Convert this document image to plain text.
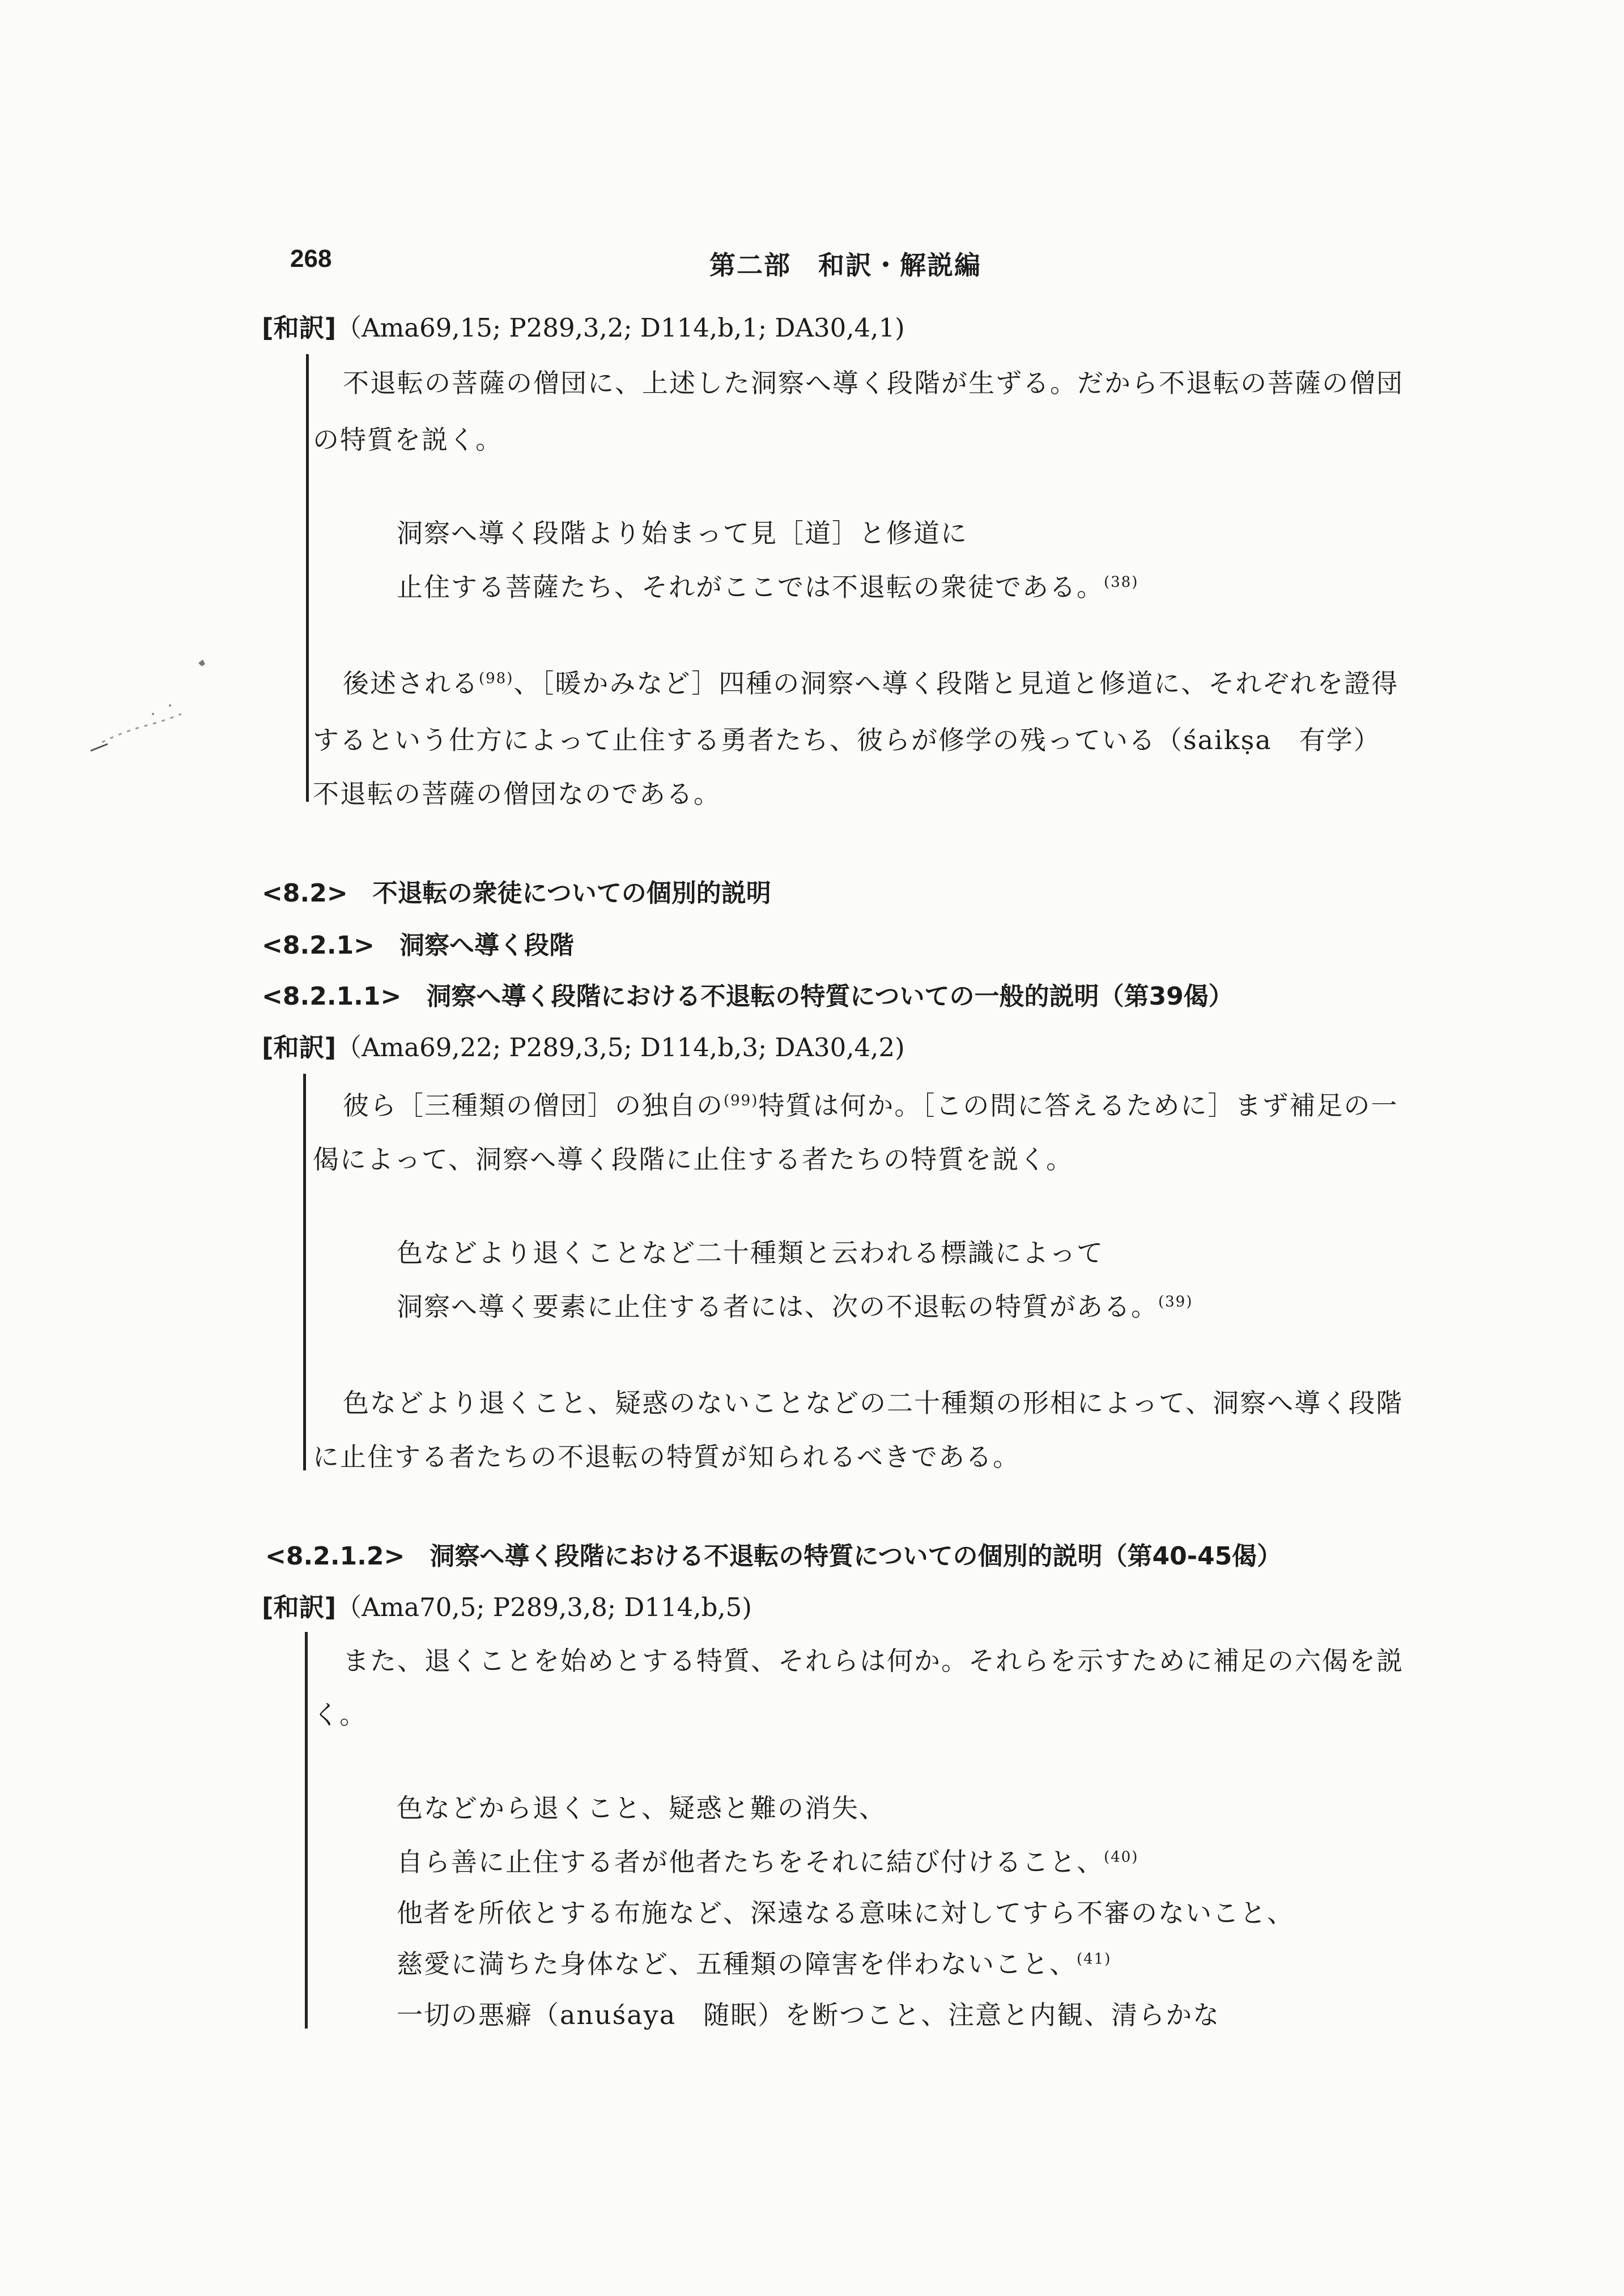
268	第二部　和訳・解説編
[和訳]（Ama69,15; P289,3,2; D114,b,1; DA30,4,1)
不退転の菩薩の僧団に、上述した洞察へ導く段階が生ずる。だから不退転の菩薩の僧団
の特質を説く。
洞察へ導く段階より始まって見［道］と修道に
止住する菩薩たち、それがここでは不退転の衆徒である。$^{(38)}$
後述される$^{(98)}$、［暖かみなど］四種の洞察へ導く段階と見道と修道に、それぞれを證得
するという仕方によって止住する勇者たち、彼らが修学の残っている（śaikṣa　有学）
不退転の菩薩の僧団なのである。
<8.2>　不退転の衆徒についての個別的説明
<8.2.1>　洞察へ導く段階
<8.2.1.1>　洞察へ導く段階における不退転の特質についての一般的説明（第39偈）
[和訳]（Ama69,22; P289,3,5; D114,b,3; DA30,4,2)
彼ら［三種類の僧団］の独自の$^{(99)}$特質は何か。［この問に答えるために］まず補足の一
偈によって、洞察へ導く段階に止住する者たちの特質を説く。
色などより退くことなど二十種類と云われる標識によって
洞察へ導く要素に止住する者には、次の不退転の特質がある。$^{(39)}$
色などより退くこと、疑惑のないことなどの二十種類の形相によって、洞察へ導く段階
に止住する者たちの不退転の特質が知られるべきである。
<8.2.1.2>　洞察へ導く段階における不退転の特質についての個別的説明（第40-45偈）
[和訳]（Ama70,5; P289,3,8; D114,b,5)
また、退くことを始めとする特質、それらは何か。それらを示すために補足の六偈を説
く。
色などから退くこと、疑惑と難の消失、
自ら善に止住する者が他者たちをそれに結び付けること、$^{(40)}$
他者を所依とする布施など、深遠なる意味に対してすら不審のないこと、
慈愛に満ちた身体など、五種類の障害を伴わないこと、$^{(41)}$
一切の悪癖（anuśaya　随眠）を断つこと、注意と内観、清らかな
